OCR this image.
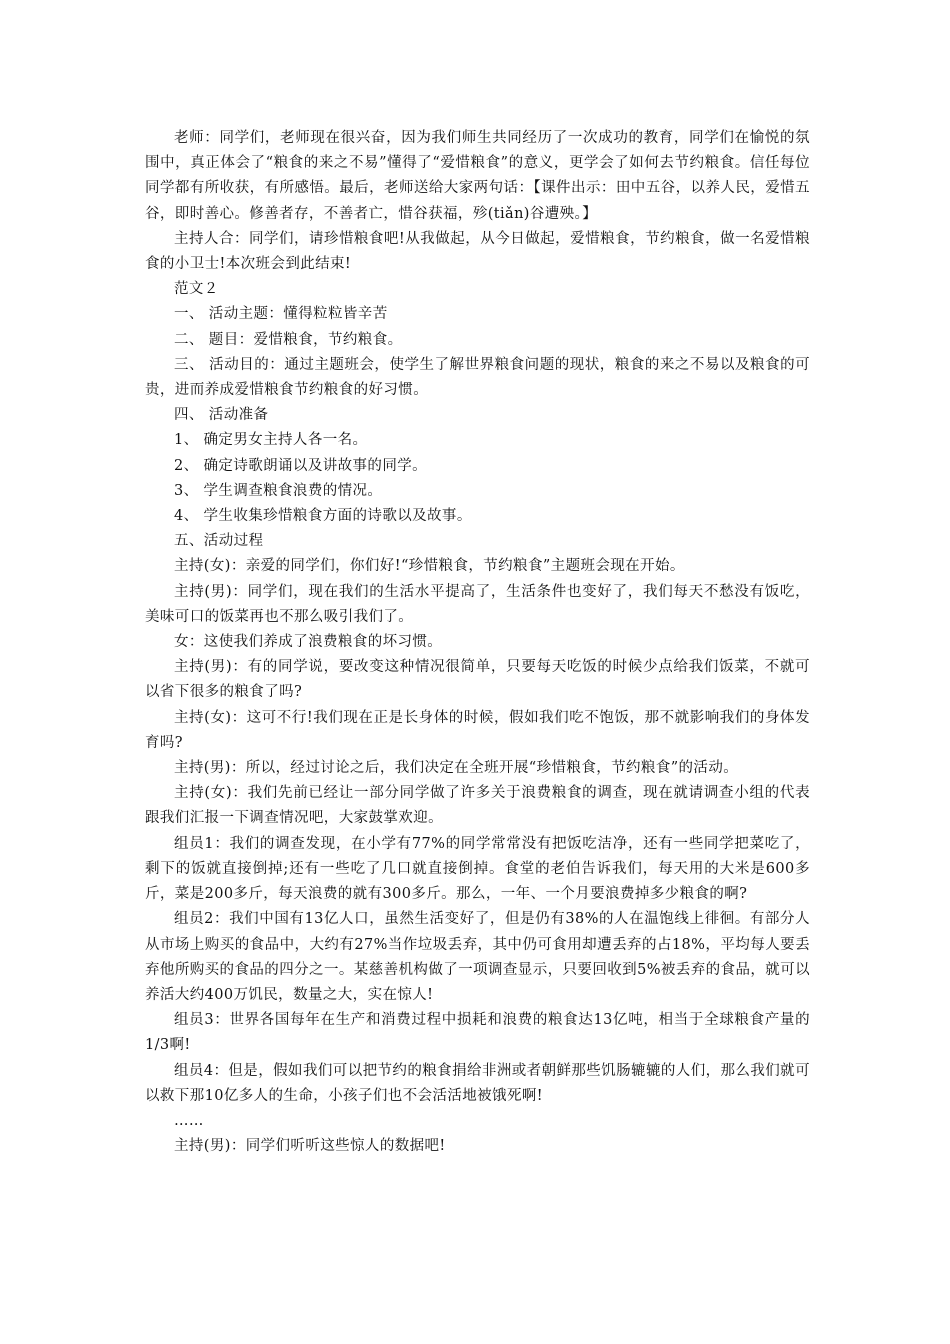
老师：同学们，老师现在很兴奋，因为我们师生共同经历了一次成功的教育，同学们在愉悦的氛围中，真正体会了“粮食的来之不易”懂得了“爱惜粮食”的意义，更学会了如何去节约粮食。信任每位同学都有所收获，有所感悟。最后，老师送给大家两句话：【课件出示：田中五谷，以养人民，爱惜五谷，即时善心。修善者存，不善者亡，惜谷获福，殄(tiǎn)谷遭殃。】

主持人合：同学们，请珍惜粮食吧!从我做起，从今日做起，爱惜粮食，节约粮食，做一名爱惜粮食的小卫士!本次班会到此结束!

范文２

一、 活动主题：懂得粒粒皆辛苦

二、 题目：爱惜粮食，节约粮食。

三、 活动目的：通过主题班会，使学生了解世界粮食问题的现状，粮食的来之不易以及粮食的可贵，进而养成爱惜粮食节约粮食的好习惯。

四、 活动准备

1、 确定男女主持人各一名。

2、 确定诗歌朗诵以及讲故事的同学。

3、 学生调查粮食浪费的情况。

4、 学生收集珍惜粮食方面的诗歌以及故事。

五、活动过程

主持(女)：亲爱的同学们，你们好!“珍惜粮食，节约粮食”主题班会现在开始。

主持(男)：同学们，现在我们的生活水平提高了，生活条件也变好了，我们每天不愁没有饭吃，美味可口的饭菜再也不那么吸引我们了。

女：这使我们养成了浪费粮食的坏习惯。

主持(男)：有的同学说，要改变这种情况很简单，只要每天吃饭的时候少点给我们饭菜，不就可以省下很多的粮食了吗?

主持(女)：这可不行!我们现在正是长身体的时候，假如我们吃不饱饭，那不就影响我们的身体发育吗?

主持(男)：所以，经过讨论之后，我们决定在全班开展“珍惜粮食，节约粮食”的活动。

主持(女)：我们先前已经让一部分同学做了许多关于浪费粮食的调查，现在就请调查小组的代表跟我们汇报一下调查情况吧，大家鼓掌欢迎。

组员1：我们的调查发现，在小学有77%的同学常常没有把饭吃洁净，还有一些同学把菜吃了，剩下的饭就直接倒掉;还有一些吃了几口就直接倒掉。食堂的老伯告诉我们，每天用的大米是600多斤，菜是200多斤，每天浪费的就有300多斤。那么，一年、一个月要浪费掉多少粮食的啊?

组员2：我们中国有13亿人口，虽然生活变好了，但是仍有38%的人在温饱线上徘徊。有部分人从市场上购买的食品中，大约有27%当作垃圾丢弃，其中仍可食用却遭丢弃的占18%，平均每人要丢弃他所购买的食品的四分之一。某慈善机构做了一项调查显示，只要回收到5%被丢弃的食品，就可以养活大约400万饥民，数量之大，实在惊人!

组员3：世界各国每年在生产和消费过程中损耗和浪费的粮食达13亿吨，相当于全球粮食产量的1/3啊!

组员4：但是，假如我们可以把节约的粮食捐给非洲或者朝鲜那些饥肠辘辘的人们，那么我们就可以救下那10亿多人的生命，小孩子们也不会活活地被饿死啊!

……

主持(男)：同学们听听这些惊人的数据吧!
